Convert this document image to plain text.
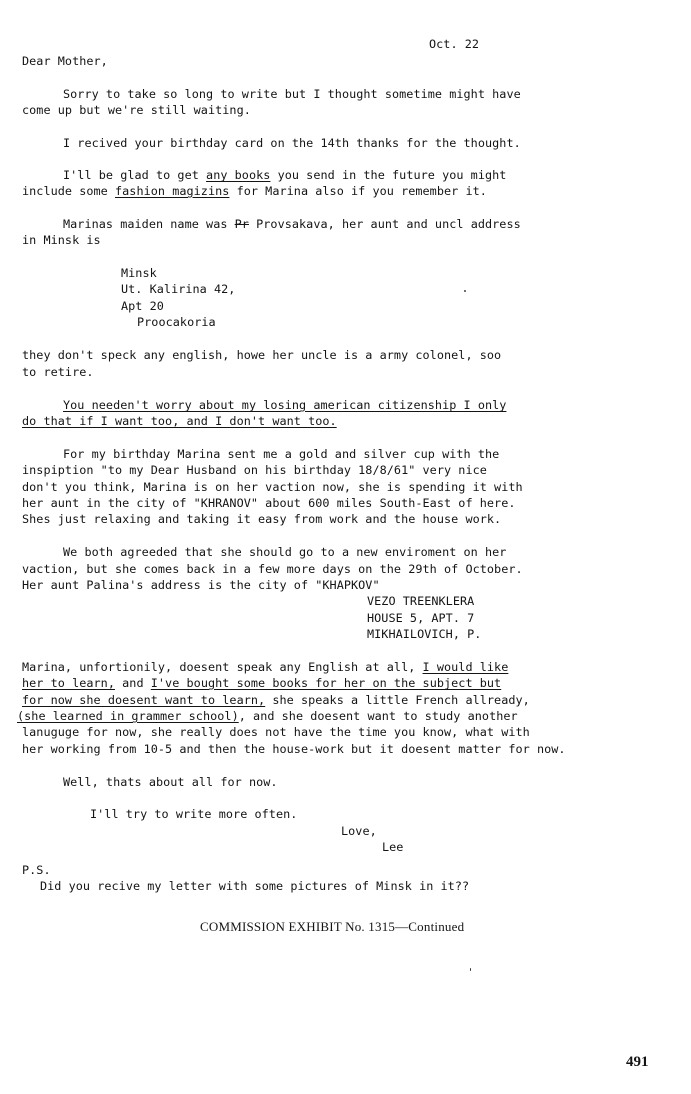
Oct. 22
Dear Mother,
Sorry to take so long to write but I thought sometime might have
come up but we're still waiting.
I recived your birthday card on the 14th thanks for the thought.
I'll be glad to get any books you send in the future you might
include some fashion magizins for Marina also if you remember it.
Marinas maiden name was Pr Provsakava, her aunt and uncl address
in Minsk is
Minsk
Ut. Kalirina 42,
Apt 20
Proocakoria
they don't speck any english, howe her uncle is a army colonel, soo
to retire.
You needen't worry about my losing american citizenship I only
do that if I want too, and I don't want too.
For my birthday Marina sent me a gold and silver cup with the
inspiption "to my Dear Husband on his birthday 18/8/61" very nice
don't you think, Marina is on her vaction now, she is spending it with
her aunt in the city of "KHRANOV" about 600 miles South-East of here.
Shes just relaxing and taking it easy from work and the house work.
We both agreeded that she should go to a new enviroment on her
vaction, but she comes back in a few more days on the 29th of October.
Her aunt Palina's address is the city of "KHAPKOV"
VEZO TREENKLERA
HOUSE 5, APT. 7
MIKHAILOVICH, P.
Marina, unfortionily, doesent speak any English at all, I would like
her to learn, and I've bought some books for her on the subject but
for now she doesent want to learn, she speaks a little French allready,
(she learned in grammer school), and she doesent want to study another
lanuguge for now, she really does not have the time you know, what with
her working from 10-5 and then the house-work but it doesent matter for now.
Well, thats about all for now.
I'll try to write more often.
Love,
Lee
P.S.
Did you recive my letter with some pictures of Minsk in it??
COMMISSION EXHIBIT No. 1315—Continued
491
